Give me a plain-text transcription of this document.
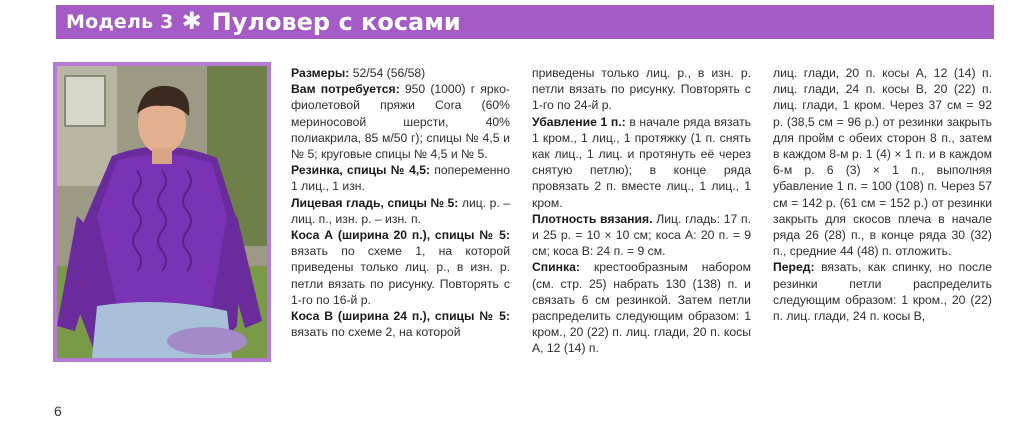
Модель 3 ✱ Пуловер с косами

Размеры: 52/54 (56/58)

Вам потребуется: 950 (1000) г ярко-фиолетовой пряжи Cora (60% мериносовой шерсти, 40% полиакрила, 85 м/50 г); спицы № 4,5 и № 5; круговые спицы № 4,5 и № 5.

Резинка, спицы № 4,5: попеременно 1 лиц., 1 изн.

Лицевая гладь, спицы № 5: лиц. р. – лиц. п., изн. р. – изн. п.

Коса А (ширина 20 п.), спицы № 5: вязать по схеме 1, на которой приведены только лиц. р., в изн. р. петли вязать по рисунку. Повторять с 1-го по 16-й р.

Коса В (ширина 24 п.), спицы № 5: вязать по схеме 2, на которой

приведены только лиц. р., в изн. р. петли вязать по рисунку. Повторять с 1-го по 24-й р.

Убавление 1 п.: в начале ряда вязать 1 кром., 1 лиц., 1 протяжку (1 п. снять как лиц., 1 лиц. и протянуть её через снятую петлю); в конце ряда провязать 2 п. вместе лиц., 1 лиц., 1 кром.

Плотность вязания. Лиц. гладь: 17 п. и 25 р. = 10 × 10 см; коса А: 20 п. = 9 см; коса В: 24 п. = 9 см.

Спинка: крестообразным набором (см. стр. 25) набрать 130 (138) п. и связать 6 см резинкой. Затем петли распределить следующим образом: 1 кром., 20 (22) п. лиц. глади, 20 п. косы А, 12 (14) п.

лиц. глади, 20 п. косы А, 12 (14) п. лиц. глади, 24 п. косы В, 20 (22) п. лиц. глади, 1 кром. Через 37 см = 92 р. (38,5 см = 96 р.) от резинки закрыть для пройм с обеих сторон 8 п., затем в каждом 8-м р. 1 (4) × 1 п. и в каждом 6-м р. 6 (3) × 1 п., выполняя убавление 1 п. = 100 (108) п. Через 57 см = 142 р. (61 см = 152 р.) от резинки закрыть для скосов плеча в начале ряда 26 (28) п., в конце ряда 30 (32) п., средние 44 (48) п. отложить.

Перед: вязать, как спинку, но после резинки петли распределить следующим образом: 1 кром., 20 (22) п. лиц. глади, 24 п. косы В,

6
